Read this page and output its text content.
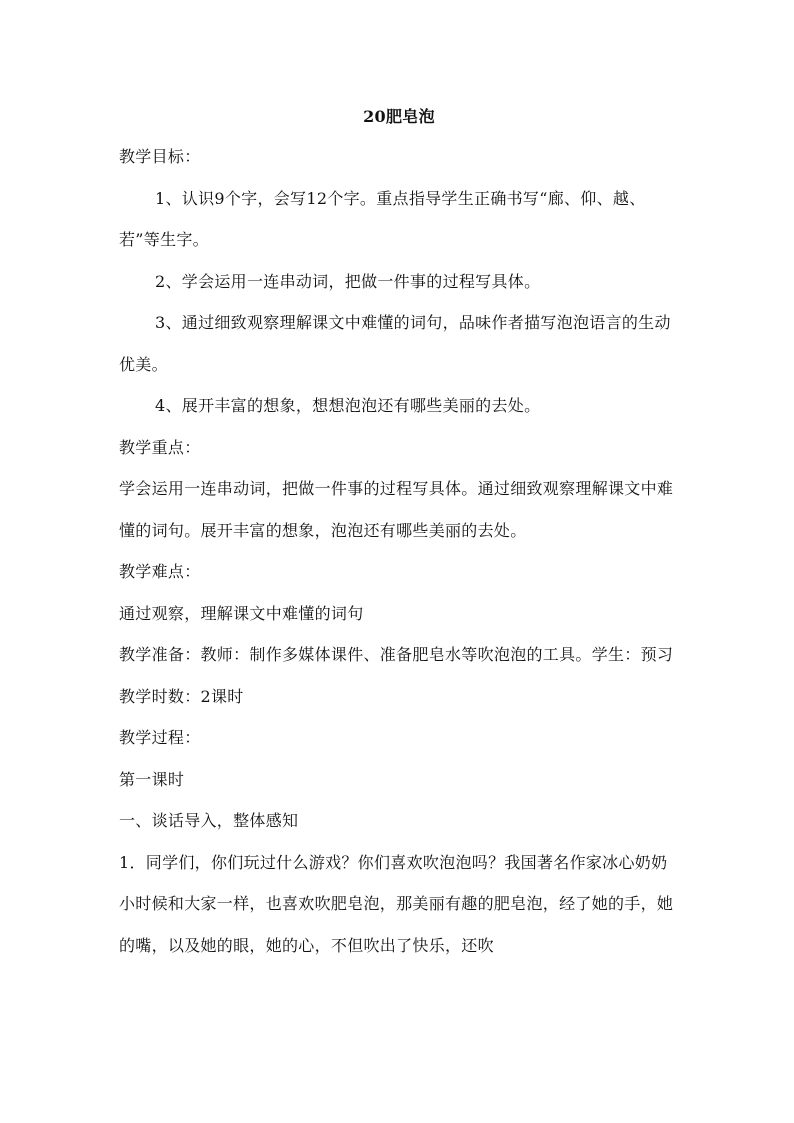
20肥皂泡

教学目标：

1、认识9个字，会写12个字。重点指导学生正确书写“廊、仰、越、若”等生字。

2、学会运用一连串动词，把做一件事的过程写具体。

3、通过细致观察理解课文中难懂的词句，品味作者描写泡泡语言的生动优美。

4、展开丰富的想象，想想泡泡还有哪些美丽的去处。

教学重点：

学会运用一连串动词，把做一件事的过程写具体。通过细致观察理解课文中难懂的词句。展开丰富的想象，泡泡还有哪些美丽的去处。

教学难点：

通过观察，理解课文中难懂的词句

教学准备：教师：制作多媒体课件、准备肥皂水等吹泡泡的工具。学生：预习

教学时数：2课时

教学过程：

第一课时

一、谈话导入，整体感知

1．同学们，你们玩过什么游戏？你们喜欢吹泡泡吗？我国著名作家冰心奶奶小时候和大家一样，也喜欢吹肥皂泡，那美丽有趣的肥皂泡，经了她的手，她的嘴，以及她的眼，她的心，不但吹出了快乐，还吹
